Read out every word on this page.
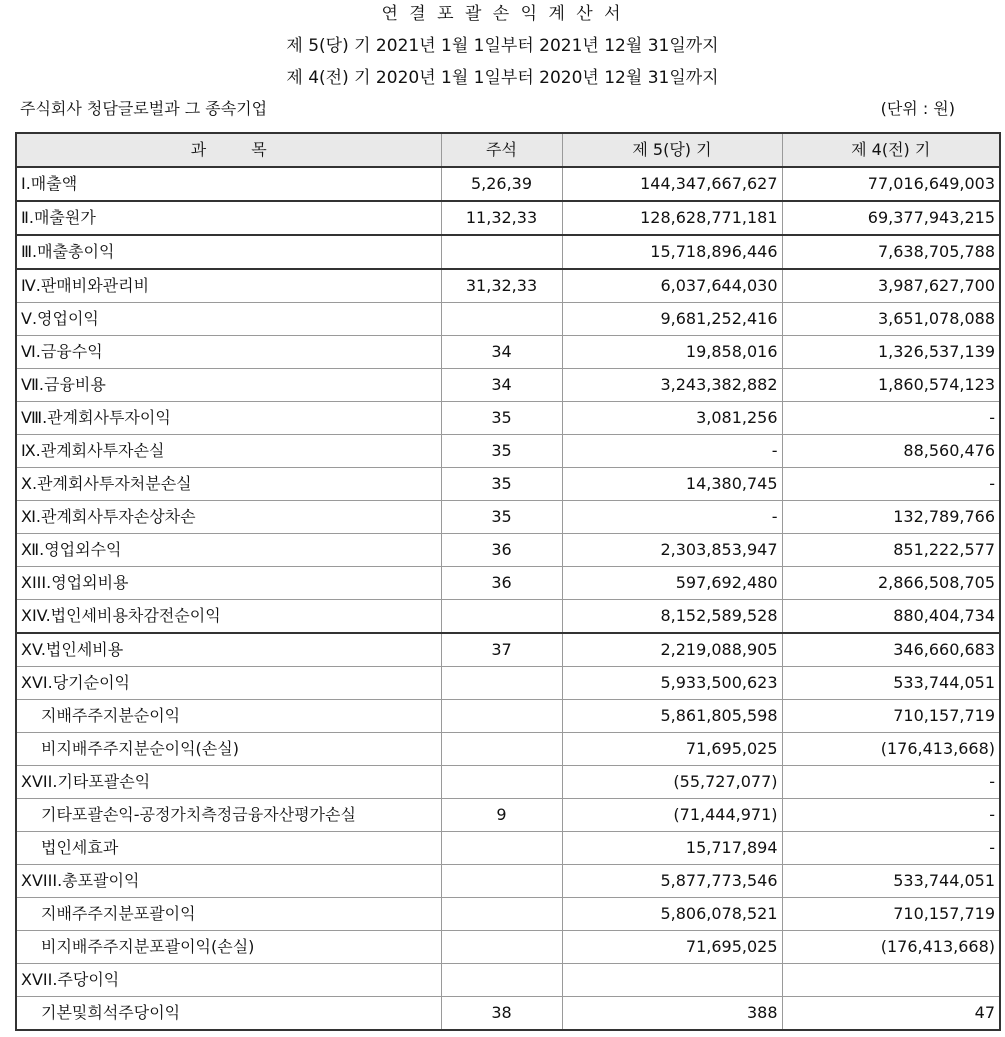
연 결 포 괄 손 익 계 산 서
제 5(당) 기 2021년 1월 1일부터 2021년 12월 31일까지
제 4(전) 기 2020년 1월 1일부터 2020년 12월 31일까지
주식회사 청담글로벌과 그 종속기업	(단위 : 원)
과 목	주석	제 5(당) 기	제 4(전) 기
Ⅰ.매출액	5,26,39	144,347,667,627	77,016,649,003
Ⅱ.매출원가	11,32,33	128,628,771,181	69,377,943,215
Ⅲ.매출총이익		15,718,896,446	7,638,705,788
Ⅳ.판매비와관리비	31,32,33	6,037,644,030	3,987,627,700
Ⅴ.영업이익		9,681,252,416	3,651,078,088
Ⅵ.금융수익	34	19,858,016	1,326,537,139
Ⅶ.금융비용	34	3,243,382,882	1,860,574,123
Ⅷ.관계회사투자이익	35	3,081,256	-
Ⅸ.관계회사투자손실	35	-	88,560,476
Ⅹ.관계회사투자처분손실	35	14,380,745	-
Ⅺ.관계회사투자손상차손	35	-	132,789,766
Ⅻ.영업외수익	36	2,303,853,947	851,222,577
XIII.영업외비용	36	597,692,480	2,866,508,705
XIV.법인세비용차감전순이익		8,152,589,528	880,404,734
XV.법인세비용	37	2,219,088,905	346,660,683
XVI.당기순이익		5,933,500,623	533,744,051
지배주주지분순이익		5,861,805,598	710,157,719
비지배주주지분순이익(손실)		71,695,025	(176,413,668)
XVII.기타포괄손익		(55,727,077)	-
기타포괄손익-공정가치측정금융자산평가손실	9	(71,444,971)	-
법인세효과		15,717,894	-
XVIII.총포괄이익		5,877,773,546	533,744,051
지배주주지분포괄이익		5,806,078,521	710,157,719
비지배주주지분포괄이익(손실)		71,695,025	(176,413,668)
XVII.주당이익			
기본및희석주당이익	38	388	47
